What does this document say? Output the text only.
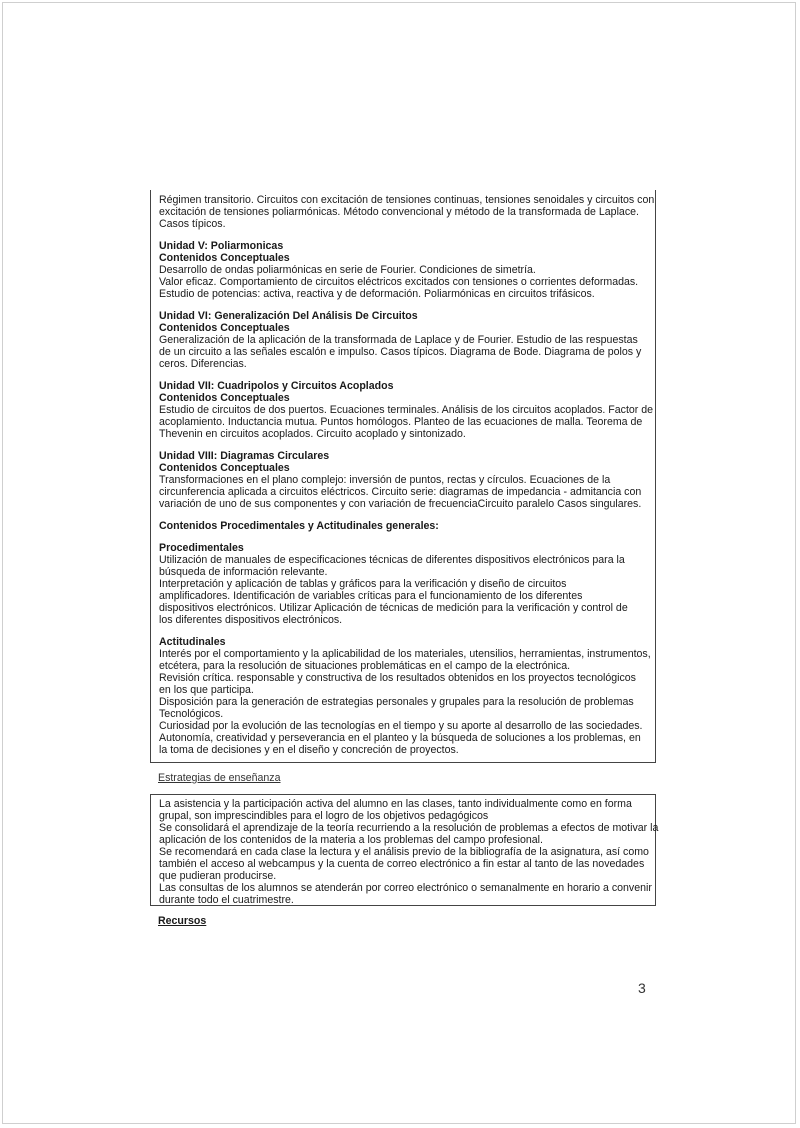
Régimen transitorio. Circuitos con excitación de tensiones continuas, tensiones senoidales y circuitos con
excitación de tensiones poliarmónicas. Método convencional y método de la transformada de Laplace.
Casos típicos.
Unidad V: Poliarmonicas
Contenidos Conceptuales
Desarrollo de ondas poliarmónicas en serie de Fourier. Condiciones de simetría.
Valor eficaz. Comportamiento de circuitos eléctricos excitados con tensiones o corrientes deformadas.
Estudio de potencias: activa, reactiva y de deformación. Poliarmónicas en circuitos trifásicos.
Unidad VI: Generalización Del Análisis De Circuitos
Contenidos Conceptuales
Generalización de la aplicación de la transformada de Laplace y de Fourier. Estudio de las respuestas
de un circuito a las señales escalón e impulso. Casos típicos. Diagrama de Bode. Diagrama de polos y
ceros. Diferencias.
Unidad VII: Cuadripolos y Circuitos Acoplados
Contenidos Conceptuales
Estudio de circuitos de dos puertos. Ecuaciones terminales. Análisis de los circuitos acoplados. Factor de
acoplamiento. Inductancia mutua. Puntos homólogos. Planteo de las ecuaciones de malla. Teorema de
Thevenin en circuitos acoplados. Circuito acoplado y sintonizado.
Unidad VIII: Diagramas Circulares
Contenidos Conceptuales
Transformaciones en el plano complejo: inversión de puntos, rectas y círculos. Ecuaciones de la
circunferencia aplicada a circuitos eléctricos. Circuito serie: diagramas de impedancia - admitancia con
variación de uno de sus componentes y con variación de frecuenciaCircuito paralelo Casos singulares.
Contenidos Procedimentales y Actitudinales generales:
Procedimentales
Utilización de manuales de especificaciones técnicas de diferentes dispositivos electrónicos para la
búsqueda de información relevante.
Interpretación y aplicación de tablas y gráficos para la verificación y diseño de circuitos
amplificadores. Identificación de variables críticas para el funcionamiento de los diferentes
dispositivos electrónicos. Utilizar Aplicación de técnicas de medición para la verificación y control de
los diferentes dispositivos electrónicos.
Actitudinales
Interés por el comportamiento y la aplicabilidad de los materiales, utensilios, herramientas, instrumentos,
etcétera, para la resolución de situaciones problemáticas en el campo de la electrónica.
Revisión crítica. responsable y constructiva de los resultados obtenidos en los proyectos tecnológicos
en los que participa.
Disposición para la generación de estrategias personales y grupales para la resolución de problemas
Tecnológicos.
Curiosidad por la evolución de las tecnologías en el tiempo y su aporte al desarrollo de las sociedades.
Autonomía, creatividad y perseverancia en el planteo y la búsqueda de soluciones a los problemas, en
la toma de decisiones y en el diseño y concreción de proyectos.
Estrategias de enseñanza
La asistencia y la participación activa del alumno en las clases, tanto individualmente como en forma
grupal, son imprescindibles para el logro de los objetivos pedagógicos
Se consolidará el aprendizaje de la teoría recurriendo a la resolución de problemas a efectos de motivar la
aplicación de los contenidos de la materia a los problemas del campo profesional.
Se recomendará en cada clase la lectura y el análisis previo de la bibliografía de la asignatura, así como
también el acceso al webcampus y la cuenta de correo electrónico a fin estar al tanto de las novedades
que pudieran producirse.
Las consultas de los alumnos se atenderán por correo electrónico o semanalmente en horario a convenir
durante todo el cuatrimestre.
Recursos
3
